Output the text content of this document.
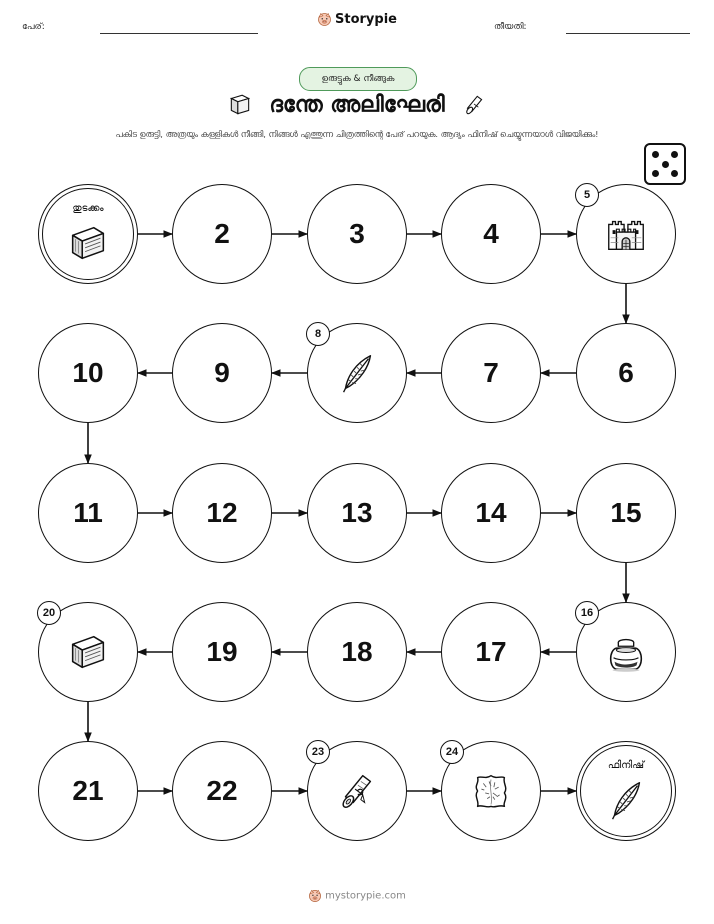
പേര്:	Storypie	തീയതി:
ഉരുട്ടുക & നീങ്ങുക
ദന്തേ അലിഘേരി
പകിട ഉരുട്ടി, അത്രയും കള്ളികൾ നീങ്ങി, നിങ്ങൾ എത്തുന്ന ചിത്രത്തിന്റെ പേര് പറയുക. ആദ്യം ഫിനിഷ് ചെയ്യുന്നയാൾ വിജയിക്കും!
തുടക്കം
2	3	4
5
6
7
8
9
10
11	12	13	14	15
16
17
18
19
20
21	22
23	24
ഫിനിഷ്
mystorypie.com
